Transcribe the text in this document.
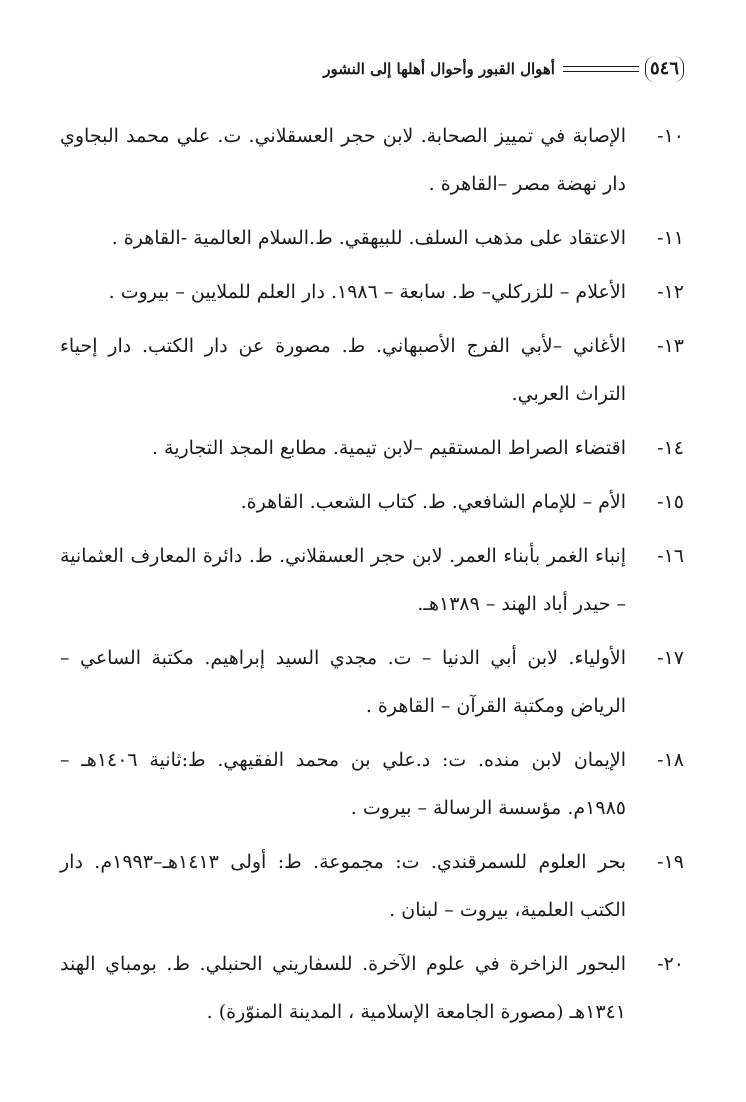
٥٤٦
أهوال القبور وأحوال أهلها إلى النشور
١٠-
الإصابة في تمييز الصحابة. لابن حجر العسقلاني. ت. علي محمد البجاوي دار نهضة مصر –القاهرة .
١١-
الاعتقاد على مذهب السلف. للبيهقي. ط.السلام العالمية -القاهرة .
١٢-
الأعلام – للزركلي– ط. سابعة – ١٩٨٦. دار العلم للملايين – بيروت .
١٣-
الأغاني –لأبي الفرج الأصبهاني. ط. مصورة عن دار الكتب. دار إحياء التراث العربي.
١٤-
اقتضاء الصراط المستقيم –لابن تيمية. مطابع المجد التجارية .
١٥-
الأم – للإمام الشافعي. ط. كتاب الشعب. القاهرة.
١٦-
إنباء الغمر بأبناء العمر. لابن حجر العسقلاني. ط. دائرة المعارف العثمانية – حيدر أباد الهند – ١٣٨٩هـ.
١٧-
الأولياء. لابن أبي الدنيا – ت. مجدي السيد إبراهيم. مكتبة الساعي – الرياض ومكتبة القرآن – القاهرة .
١٨-
الإيمان لابن منده. ت: د.علي بن محمد الفقيهي. ط:ثانية ١٤٠٦هـ – ١٩٨٥م. مؤسسة الرسالة – بيروت .
١٩-
بحر العلوم للسمرقندي. ت: مجموعة. ط: أولى ١٤١٣هـ–١٩٩٣م. دار الكتب العلمية، بيروت – لبنان .
٢٠-
البحور الزاخرة في علوم الآخرة. للسفاريني الحنبلي. ط. بومباي الهند ١٣٤١هـ (مصورة الجامعة الإسلامية ، المدينة المنوّرة) .
